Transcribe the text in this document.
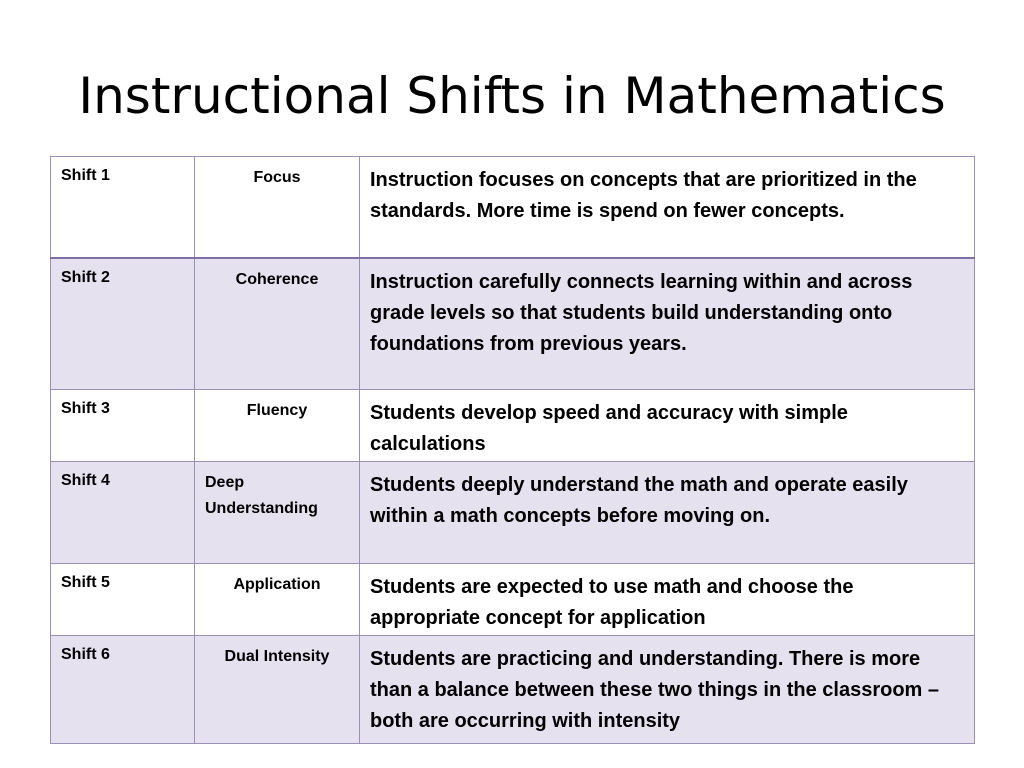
Instructional Shifts in Mathematics
Shift 1	Focus	Instruction focuses on concepts that are prioritized in the standards. More time is spend on fewer concepts.
Shift 2	Coherence	Instruction carefully connects learning within and across grade levels so that students build understanding onto foundations from previous years.
Shift 3	Fluency	Students develop speed and accuracy with simple calculations
Shift 4	Deep Understanding	Students deeply understand the math and operate easily within a math concepts before moving on.
Shift 5	Application	Students are expected to use math and choose the appropriate concept for application
Shift 6	Dual Intensity	Students are practicing and understanding. There is more than a balance between these two things in the classroom – both are occurring with intensity
